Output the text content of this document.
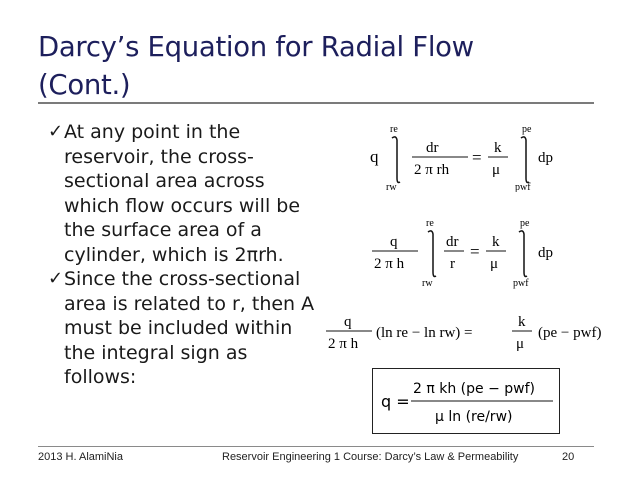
Darcy’s Equation for Radial Flow
(Cont.)
✓ At any point in the reservoir, the cross-sectional area across which flow occurs will be the surface area of a cylinder, which is 2πrh.
✓ Since the cross-sectional area is related to r, then A must be included within the integral sign as follows:
q
re
rw
dr
2 π rh
= k
μ
pe
pwf
dp
q
2 π h
re
rw
dr
r
= k
μ
pe
pwf
dp
q
2 π h
(ln re − ln rw) =
k
μ
(pe − pwf)
q =
2 π kh (pe − pwf)
μ ln (re/rw)
2013 H. AlamiNia	Reservoir Engineering 1 Course: Darcy’s Law & Permeability	20
